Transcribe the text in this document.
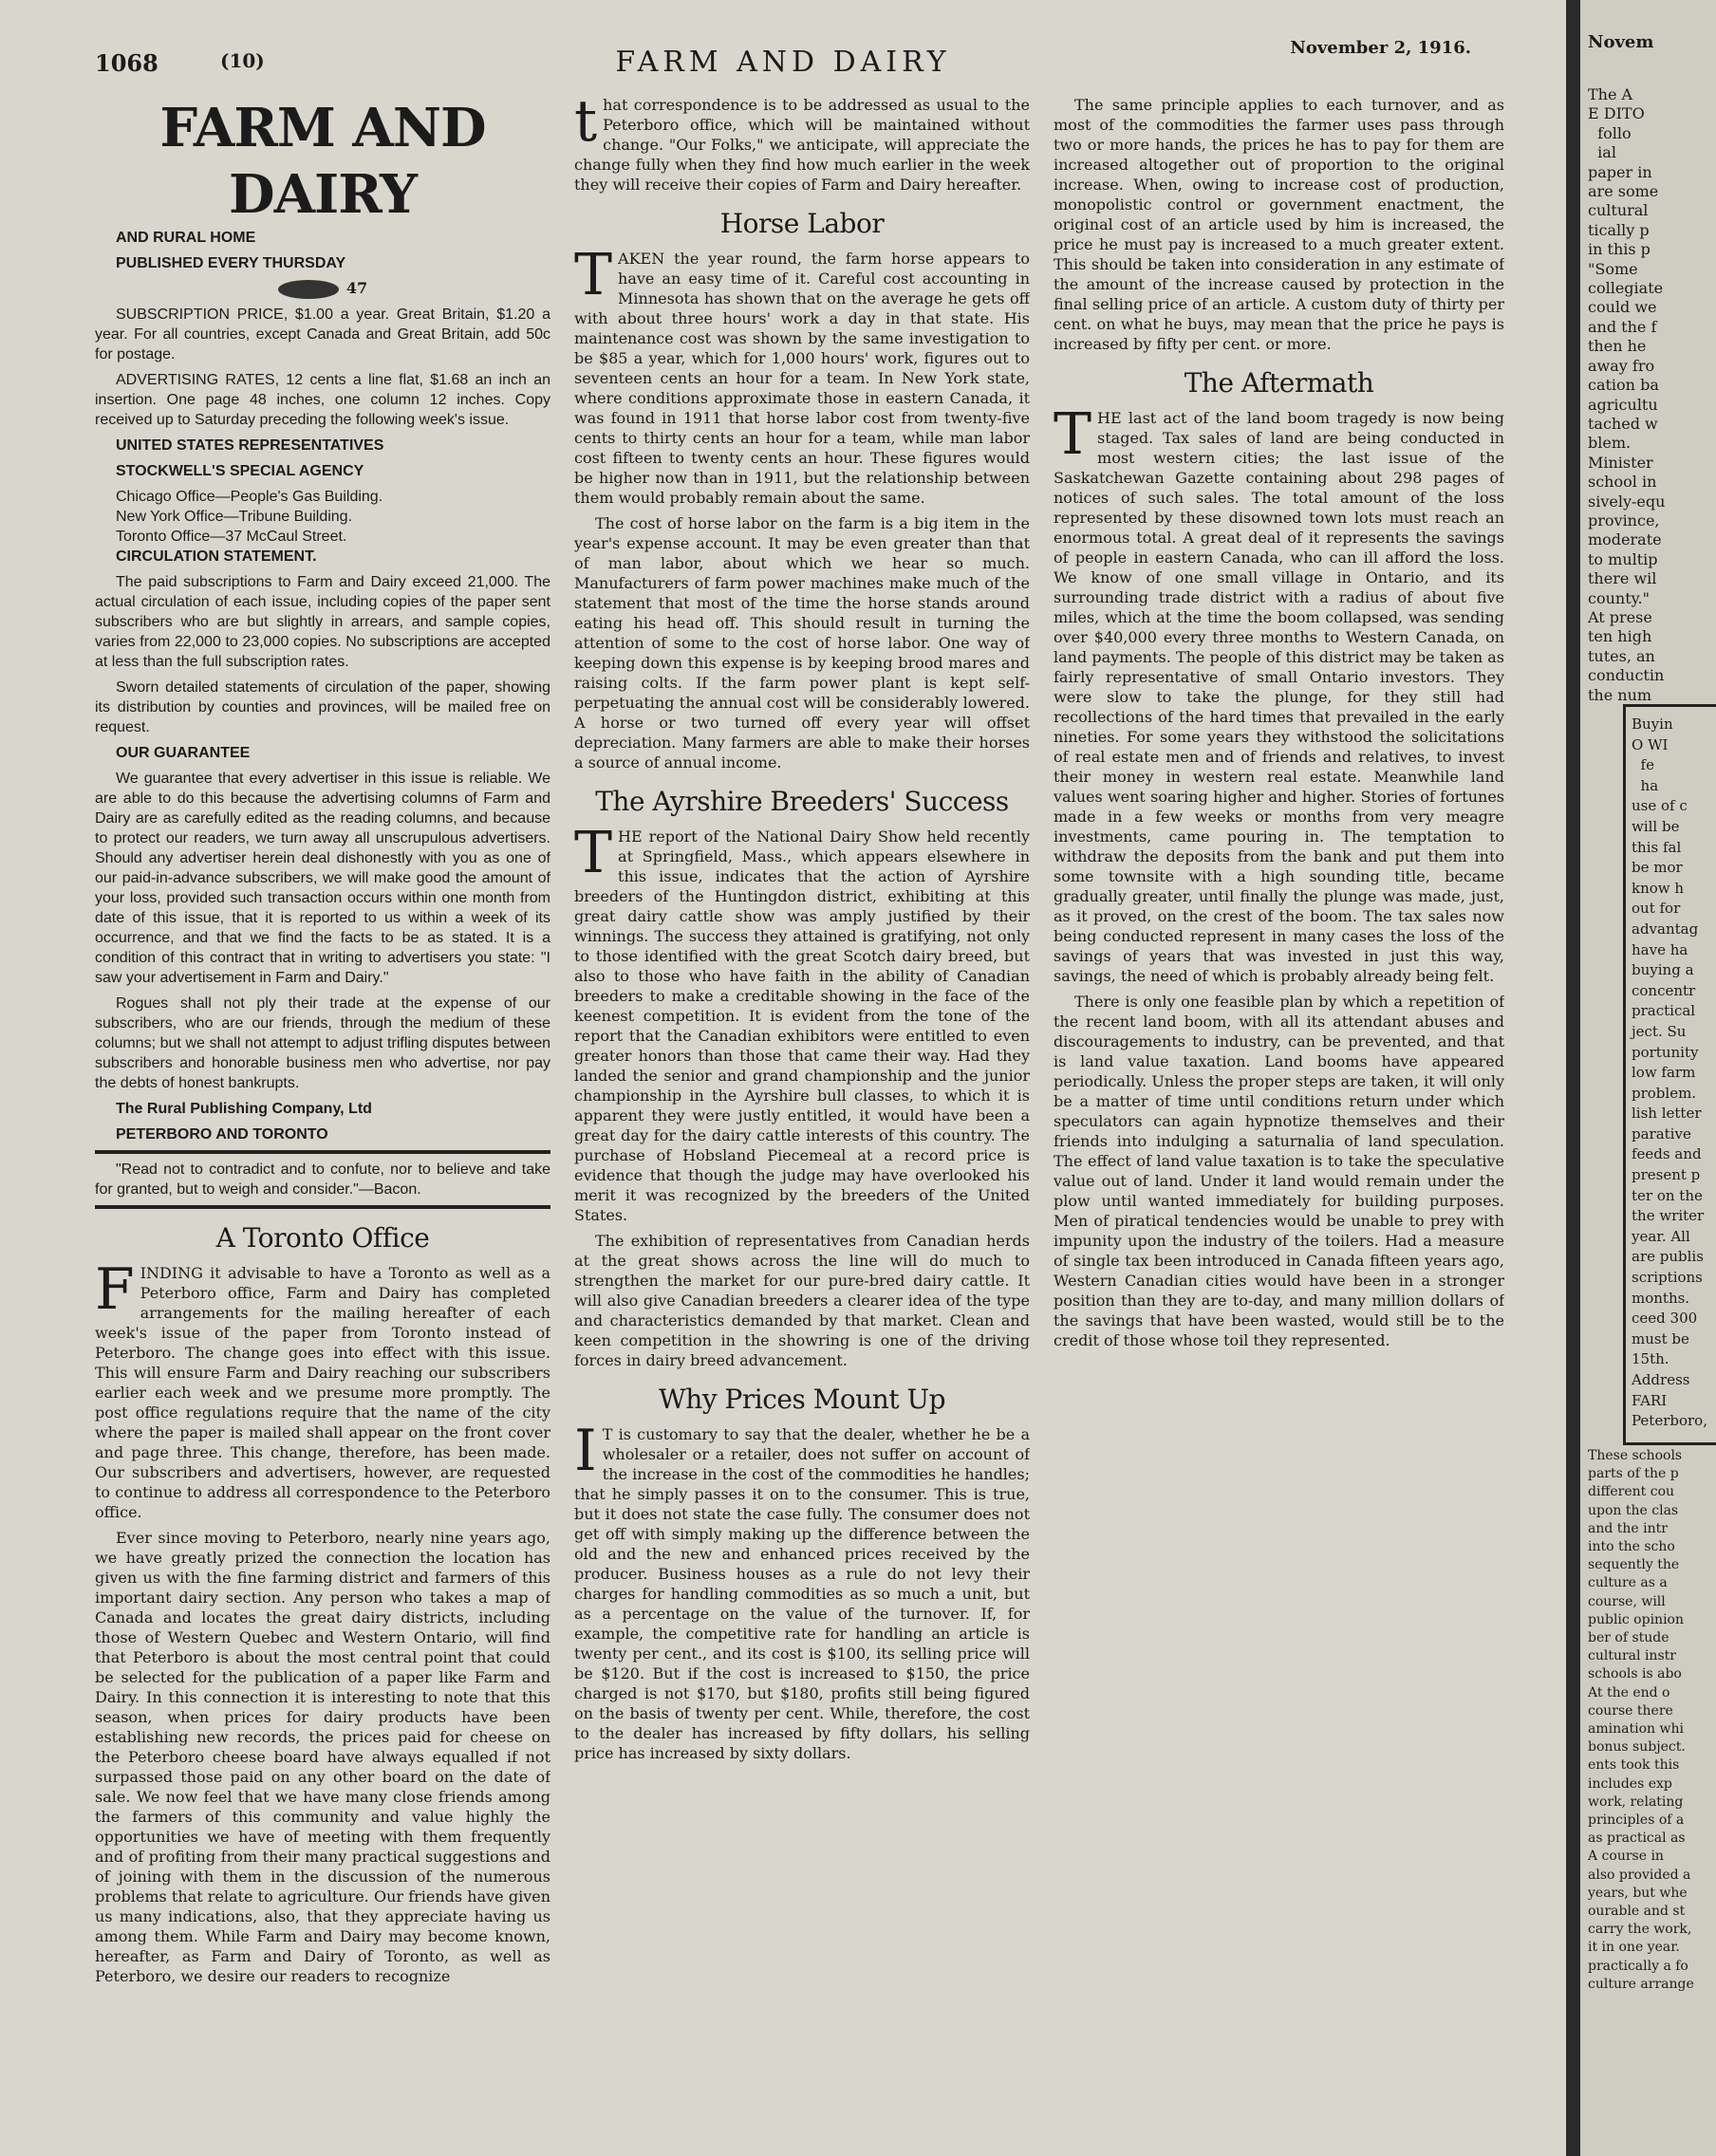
1068	(10)	FARM AND DAIRY	November 2, 1916.
FARM AND DAIRY

AND RURAL HOME

PUBLISHED EVERY THURSDAY

47

SUBSCRIPTION PRICE, $1.00 a year. Great Britain, $1.20 a year. For all countries, except Canada and Great Britain, add 50c for postage.

ADVERTISING RATES, 12 cents a line flat, $1.68 an inch an insertion. One page 48 inches, one column 12 inches. Copy received up to Saturday preceding the following week's issue.

UNITED STATES REPRESENTATIVES

STOCKWELL'S SPECIAL AGENCY

Chicago Office—People's Gas Building.

New York Office—Tribune Building.

Toronto Office—37 McCaul Street.

CIRCULATION STATEMENT.

The paid subscriptions to Farm and Dairy exceed 21,000. The actual circulation of each issue, including copies of the paper sent subscribers who are but slightly in arrears, and sample copies, varies from 22,000 to 23,000 copies. No subscriptions are accepted at less than the full subscription rates.

Sworn detailed statements of circulation of the paper, showing its distribution by counties and provinces, will be mailed free on request.

OUR GUARANTEE

We guarantee that every advertiser in this issue is reliable. We are able to do this because the advertising columns of Farm and Dairy are as carefully edited as the reading columns, and because to protect our readers, we turn away all unscrupulous advertisers. Should any advertiser herein deal dishonestly with you as one of our paid-in-advance subscribers, we will make good the amount of your loss, provided such transaction occurs within one month from date of this issue, that it is reported to us within a week of its occurrence, and that we find the facts to be as stated. It is a condition of this contract that in writing to advertisers you state: "I saw your advertisement in Farm and Dairy."

Rogues shall not ply their trade at the expense of our subscribers, who are our friends, through the medium of these columns; but we shall not attempt to adjust trifling disputes between subscribers and honorable business men who advertise, nor pay the debts of honest bankrupts.

The Rural Publishing Company, Ltd

PETERBORO AND TORONTO

"Read not to contradict and to confute, nor to believe and take for granted, but to weigh and consider."—Bacon.

A Toronto Office

FINDING it advisable to have a Toronto as well as a Peterboro office, Farm and Dairy has completed arrangements for the mailing hereafter of each week's issue of the paper from Toronto instead of Peterboro. The change goes into effect with this issue. This will ensure Farm and Dairy reaching our subscribers earlier each week and we presume more promptly. The post office regulations require that the name of the city where the paper is mailed shall appear on the front cover and page three. This change, therefore, has been made. Our subscribers and advertisers, however, are requested to continue to address all correspondence to the Peterboro office.

Ever since moving to Peterboro, nearly nine years ago, we have greatly prized the connection the location has given us with the fine farming district and farmers of this important dairy section. Any person who takes a map of Canada and locates the great dairy districts, including those of Western Quebec and Western Ontario, will find that Peterboro is about the most central point that could be selected for the publication of a paper like Farm and Dairy. In this connection it is interesting to note that this season, when prices for dairy products have been establishing new records, the prices paid for cheese on the Peterboro cheese board have always equalled if not surpassed those paid on any other board on the date of sale. We now feel that we have many close friends among the farmers of this community and value highly the opportunities we have of meeting with them frequently and of profiting from their many practical suggestions and of joining with them in the discussion of the numerous problems that relate to agriculture. Our friends have given us many indications, also, that they appreciate having us among them. While Farm and Dairy may become known, hereafter, as Farm and Dairy of Toronto, as well as Peterboro, we desire our readers to recognize

that correspondence is to be addressed as usual to the Peterboro office, which will be maintained without change. "Our Folks," we anticipate, will appreciate the change fully when they find how much earlier in the week they will receive their copies of Farm and Dairy hereafter.

Horse Labor

TAKEN the year round, the farm horse appears to have an easy time of it. Careful cost accounting in Minnesota has shown that on the average he gets off with about three hours' work a day in that state. His maintenance cost was shown by the same investigation to be $85 a year, which for 1,000 hours' work, figures out to seventeen cents an hour for a team. In New York state, where conditions approximate those in eastern Canada, it was found in 1911 that horse labor cost from twenty-five cents to thirty cents an hour for a team, while man labor cost fifteen to twenty cents an hour. These figures would be higher now than in 1911, but the relationship between them would probably remain about the same.

The cost of horse labor on the farm is a big item in the year's expense account. It may be even greater than that of man labor, about which we hear so much. Manufacturers of farm power machines make much of the statement that most of the time the horse stands around eating his head off. This should result in turning the attention of some to the cost of horse labor. One way of keeping down this expense is by keeping brood mares and raising colts. If the farm power plant is kept self-perpetuating the annual cost will be considerably lowered. A horse or two turned off every year will offset depreciation. Many farmers are able to make their horses a source of annual income.

The Ayrshire Breeders' Success

THE report of the National Dairy Show held recently at Springfield, Mass., which appears elsewhere in this issue, indicates that the action of Ayrshire breeders of the Huntingdon district, exhibiting at this great dairy cattle show was amply justified by their winnings. The success they attained is gratifying, not only to those identified with the great Scotch dairy breed, but also to those who have faith in the ability of Canadian breeders to make a creditable showing in the face of the keenest competition. It is evident from the tone of the report that the Canadian exhibitors were entitled to even greater honors than those that came their way. Had they landed the senior and grand championship and the junior championship in the Ayrshire bull classes, to which it is apparent they were justly entitled, it would have been a great day for the dairy cattle interests of this country. The purchase of Hobsland Piecemeal at a record price is evidence that though the judge may have overlooked his merit it was recognized by the breeders of the United States.

The exhibition of representatives from Canadian herds at the great shows across the line will do much to strengthen the market for our pure-bred dairy cattle. It will also give Canadian breeders a clearer idea of the type and characteristics demanded by that market. Clean and keen competition in the showring is one of the driving forces in dairy breed advancement.

Why Prices Mount Up

IT is customary to say that the dealer, whether he be a wholesaler or a retailer, does not suffer on account of the increase in the cost of the commodities he handles; that he simply passes it on to the consumer. This is true, but it does not state the case fully. The consumer does not get off with simply making up the difference between the old and the new and enhanced prices received by the producer. Business houses as a rule do not levy their charges for handling commodities as so much a unit, but as a percentage on the value of the turnover. If, for example, the competitive rate for handling an article is twenty per cent., and its cost is $100, its selling price will be $120. But if the cost is increased to $150, the price charged is not $170, but $180, profits still being figured on the basis of twenty per cent. While, therefore, the cost to the dealer has increased by fifty dollars, his selling price has increased by sixty dollars.

The same principle applies to each turnover, and as most of the commodities the farmer uses pass through two or more hands, the prices he has to pay for them are increased altogether out of proportion to the original increase. When, owing to increase cost of production, monopolistic control or government enactment, the original cost of an article used by him is increased, the price he must pay is increased to a much greater extent. This should be taken into consideration in any estimate of the amount of the increase caused by protection in the final selling price of an article. A custom duty of thirty per cent. on what he buys, may mean that the price he pays is increased by fifty per cent. or more.

The Aftermath

THE last act of the land boom tragedy is now being staged. Tax sales of land are being conducted in most western cities; the last issue of the Saskatchewan Gazette containing about 298 pages of notices of such sales. The total amount of the loss represented by these disowned town lots must reach an enormous total. A great deal of it represents the savings of people in eastern Canada, who can ill afford the loss. We know of one small village in Ontario, and its surrounding trade district with a radius of about five miles, which at the time the boom collapsed, was sending over $40,000 every three months to Western Canada, on land payments. The people of this district may be taken as fairly representative of small Ontario investors. They were slow to take the plunge, for they still had recollections of the hard times that prevailed in the early nineties. For some years they withstood the solicitations of real estate men and of friends and relatives, to invest their money in western real estate. Meanwhile land values went soaring higher and higher. Stories of fortunes made in a few weeks or months from very meagre investments, came pouring in. The temptation to withdraw the deposits from the bank and put them into some townsite with a high sounding title, became gradually greater, until finally the plunge was made, just, as it proved, on the crest of the boom. The tax sales now being conducted represent in many cases the loss of the savings of years that was invested in just this way, savings, the need of which is probably already being felt.

There is only one feasible plan by which a repetition of the recent land boom, with all its attendant abuses and discouragements to industry, can be prevented, and that is land value taxation. Land booms have appeared periodically. Unless the proper steps are taken, it will only be a matter of time until conditions return under which speculators can again hypnotize themselves and their friends into indulging a saturnalia of land speculation. The effect of land value taxation is to take the speculative value out of land. Under it land would remain under the plow until wanted immediately for building purposes. Men of piratical tendencies would be unable to prey with impunity upon the industry of the toilers. Had a measure of single tax been introduced in Canada fifteen years ago, Western Canadian cities would have been in a stronger position than they are to-day, and many million dollars of the savings that have been wasted, would still be to the credit of those whose toil they represented.

Novem
The A
E DITO
follo
ial
paper in
are some
cultural
tically p
in this p
"Some
collegiate
could we
and the f
then he
away fro
cation ba
agricultu
tached w
blem.
Minister
school in
sively-equ
province,
moderate
to multip
there wil
county."
At prese
ten high
tutes, an
conductin
the num
Buyin
O WI
fe
ha
use of c
will be
this fal
be mor
know h
out for
advantag
have ha
buying a
concentr
practical
ject. Su
portunity
low farm
problem.
lish letter
parative
feeds and
present p
ter on the
the writer
year. All
are publis
scriptions
months.
ceed 300
must be
15th.
Address
FARI
Peterboro,
These schools
parts of the p
different cou
upon the clas
and the intr
into the scho
sequently the
culture as a
course, will
public opinion
ber of stude
cultural instr
schools is abo
At the end o
course there
amination whi
bonus subject.
ents took this
includes exp
work, relating
principles of a
as practical as
A course in
also provided a
years, but whe
ourable and st
carry the work,
it in one year.
practically a fo
culture arrange
